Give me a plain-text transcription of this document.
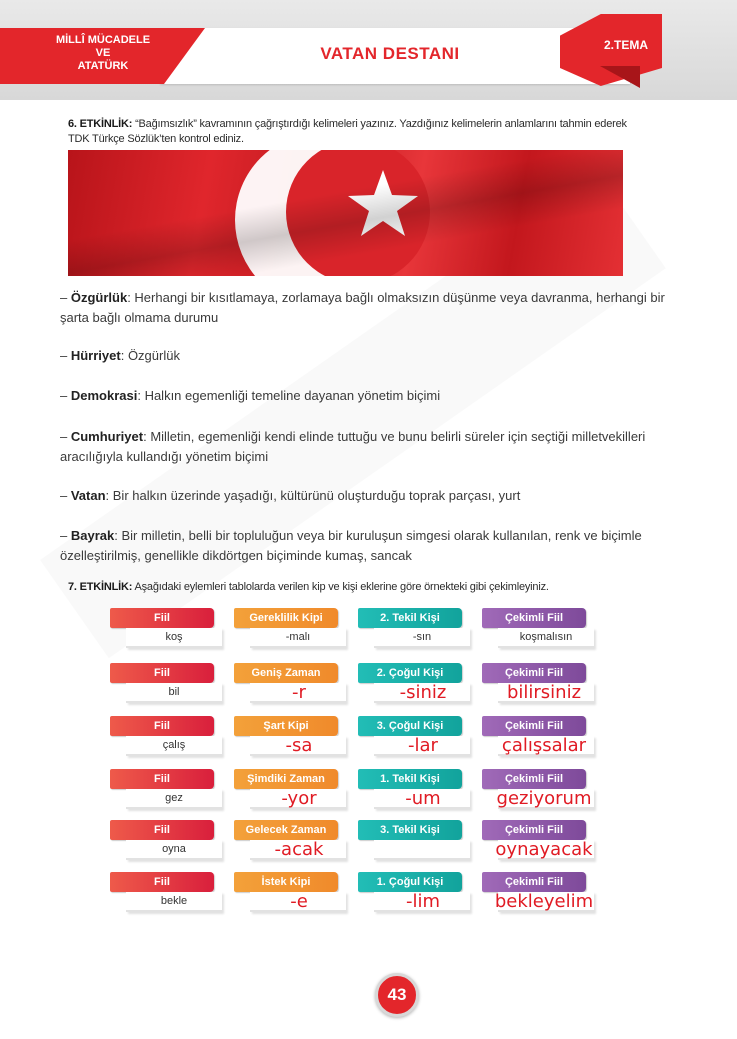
MİLLÎ MÜCADELE
VE
ATATÜRK
VATAN DESTANI	2.TEMA
6. ETKİNLİK: “Bağımsızlık” kavramının çağrıştırdığı kelimeleri yazınız. Yazdığınız kelimelerin anlamlarını tahmin ederek TDK Türkçe Sözlük’ten kontrol ediniz.
– Özgürlük: Herhangi bir kısıtlamaya, zorlamaya bağlı olmaksızın düşünme veya davranma, herhangi bir şarta bağlı olmama durumu
– Hürriyet: Özgürlük
– Demokrasi: Halkın egemenliği temeline dayanan yönetim biçimi
– Cumhuriyet: Milletin, egemenliği kendi elinde tuttuğu ve bunu belirli süreler için seçtiği milletvekilleri aracılığıyla kullandığı yönetim biçimi
– Vatan: Bir halkın üzerinde yaşadığı, kültürünü oluşturduğu toprak parçası, yurt
– Bayrak: Bir milletin, belli bir topluluğun veya bir kuruluşun simgesi olarak kullanılan, renk ve biçimle özelleştirilmiş, genellikle dikdörtgen biçiminde kumaş, sancak
7. ETKİNLİK: Aşağıdaki eylemleri tablolarda verilen kip ve kişi eklerine göre örnekteki gibi çekimleyiniz.
Fiil
koş
Gereklilik Kipi
-malı
2. Tekil Kişi
-sın
Çekimli Fiil
koşmalısın
Fiil
bil
Geniş Zaman
-r
2. Çoğul Kişi
-siniz
Çekimli Fiil
bilirsiniz
Fiil
çalış
Şart Kipi
-sa
3. Çoğul Kişi
-lar
Çekimli Fiil
çalışsalar
Fiil
gez
Şimdiki Zaman
-yor
1. Tekil Kişi
-um
Çekimli Fiil
geziyorum
Fiil
oyna
Gelecek Zaman
-acak
3. Tekil Kişi	Çekimli Fiil
oynayacak
Fiil
bekle
İstek Kipi
-e
1. Çoğul Kişi
-lim
Çekimli Fiil
bekleyelim
43
